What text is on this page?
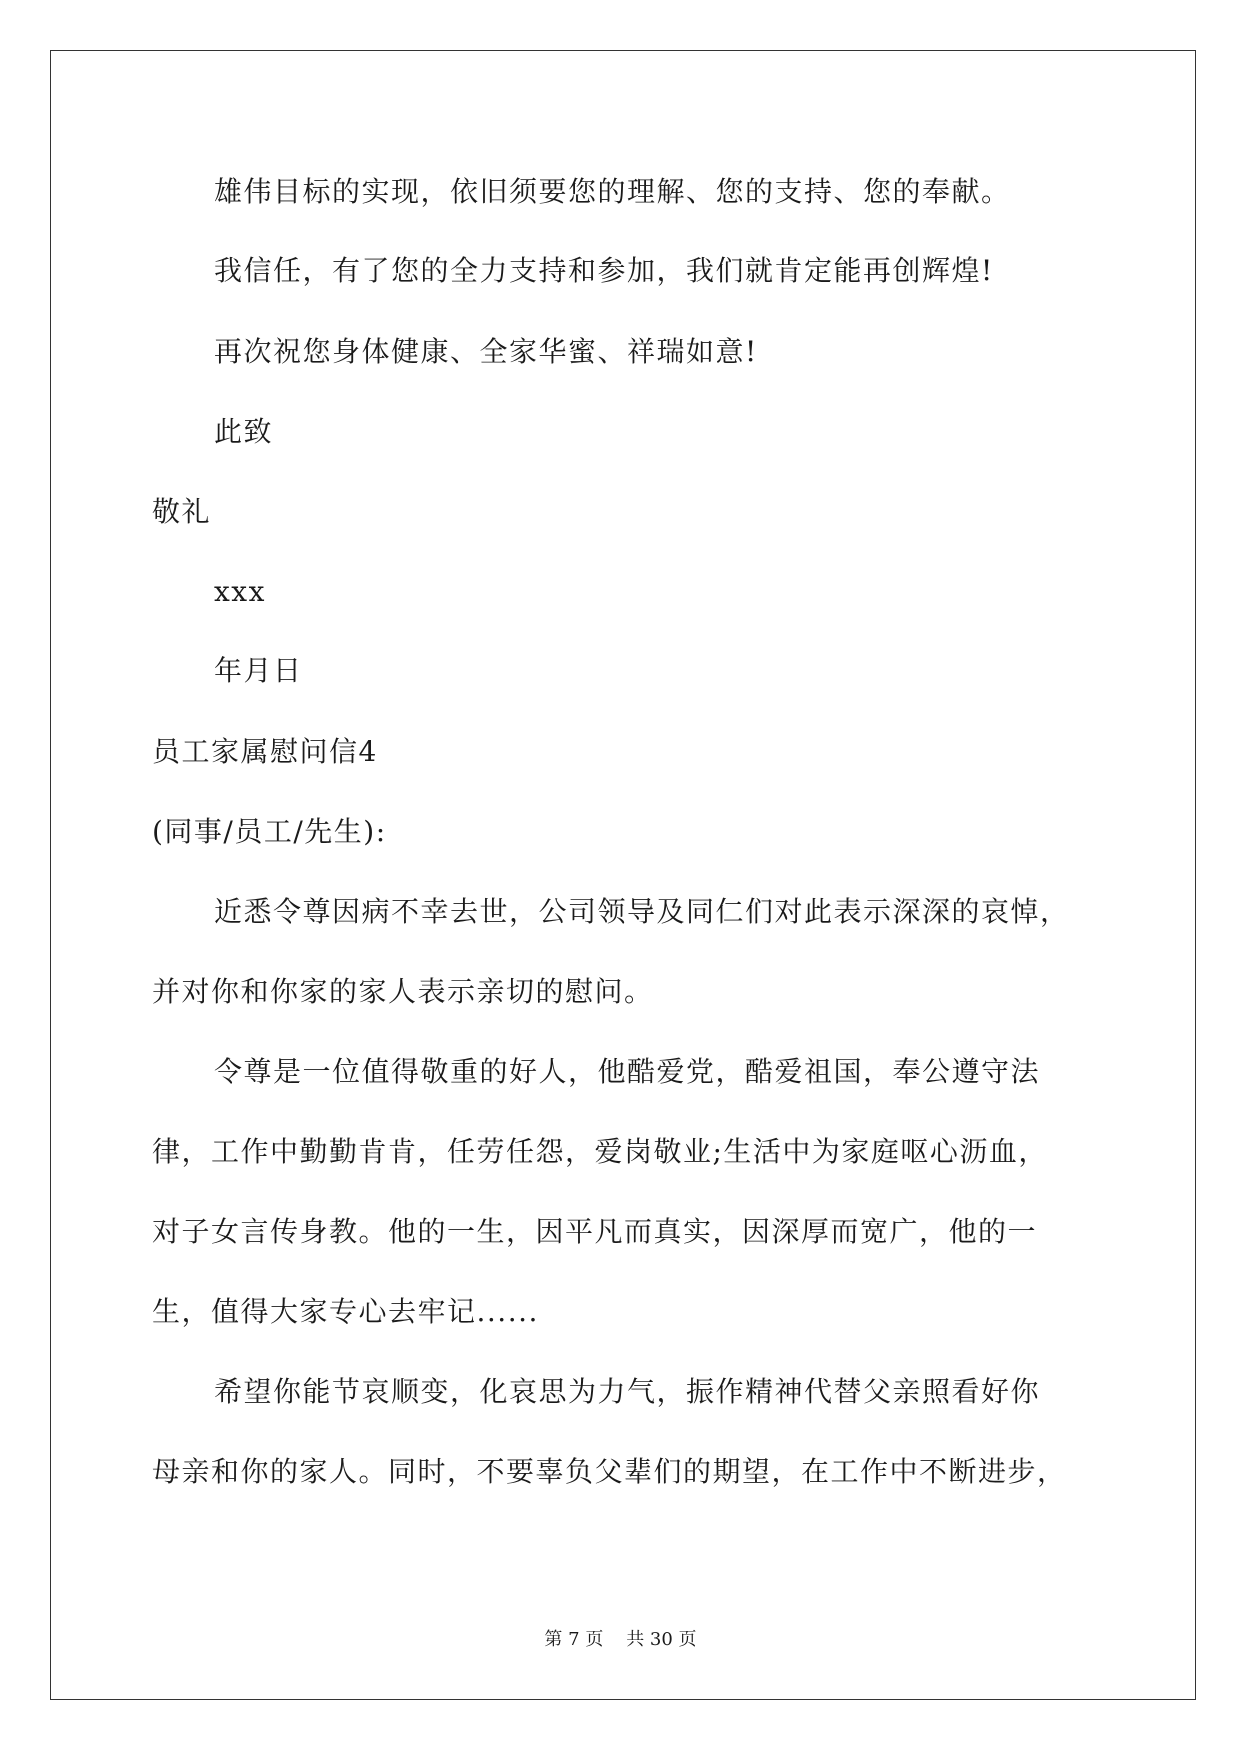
雄伟目标的实现，依旧须要您的理解、您的支持、您的奉献。
我信任，有了您的全力支持和参加，我们就肯定能再创辉煌!
再次祝您身体健康、全家华蜜、祥瑞如意!
此致
敬礼
xxx
年月日
员工家属慰问信4
(同事/员工/先生):
近悉令尊因病不幸去世，公司领导及同仁们对此表示深深的哀悼，
并对你和你家的家人表示亲切的慰问。
令尊是一位值得敬重的好人，他酷爱党，酷爱祖国，奉公遵守法
律，工作中勤勤肯肯，任劳任怨，爱岗敬业;生活中为家庭呕心沥血，
对子女言传身教。他的一生，因平凡而真实，因深厚而宽广，他的一
生，值得大家专心去牢记......
希望你能节哀顺变，化哀思为力气，振作精神代替父亲照看好你
母亲和你的家人。同时，不要辜负父辈们的期望，在工作中不断进步，
第 7 页    共 30 页
